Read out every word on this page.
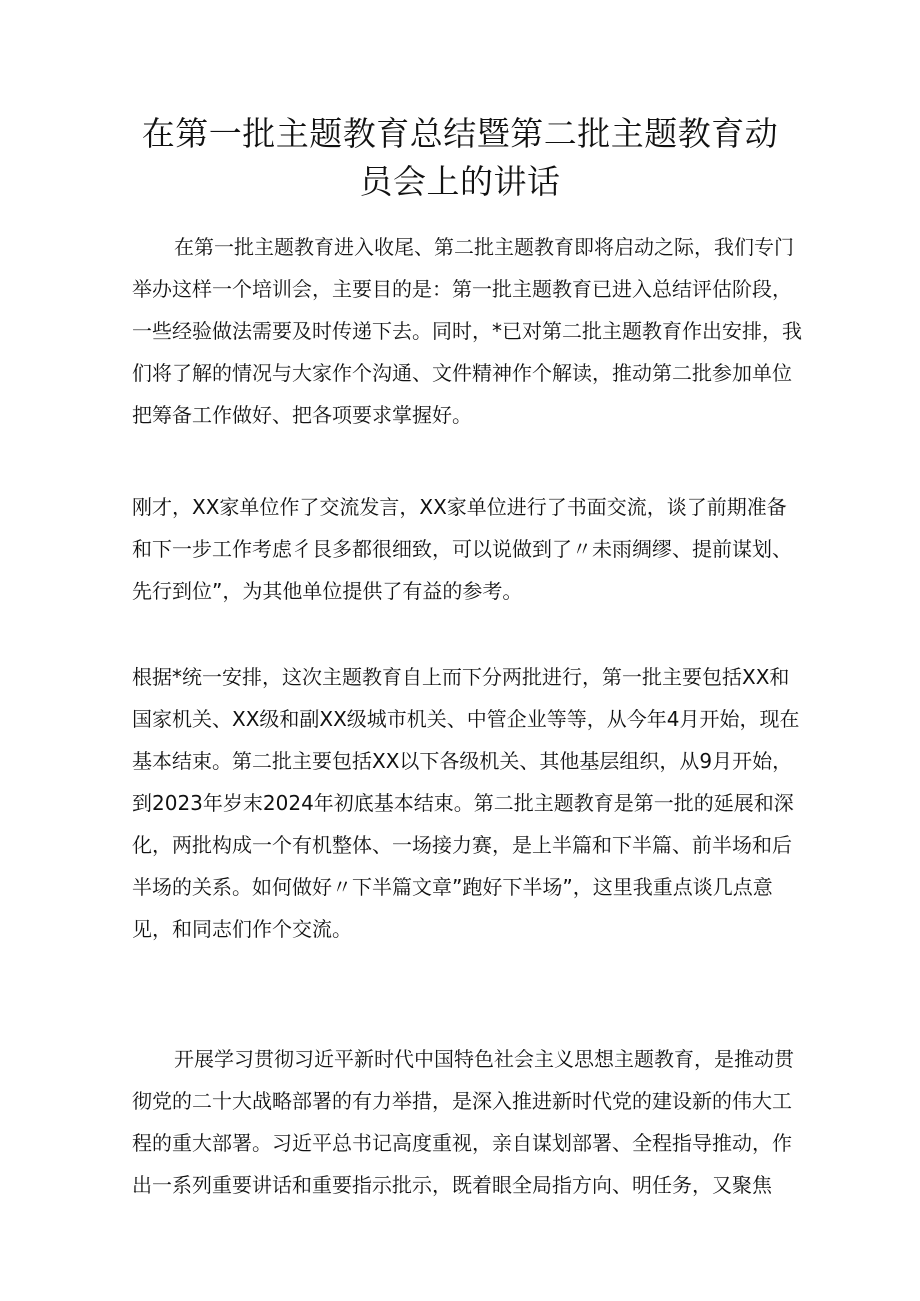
在第一批主题教育总结暨第二批主题教育动
员会上的讲话

在第一批主题教育进入收尾、第二批主题教育即将启动之际，我们专门举办这样一个培训会，主要目的是：第一批主题教育已进入总结评估阶段，一些经验做法需要及时传递下去。同时，*已对第二批主题教育作出安排，我们将了解的情况与大家作个沟通、文件精神作个解读，推动第二批参加单位把筹备工作做好、把各项要求掌握好。

刚才，XX家单位作了交流发言，XX家单位进行了书面交流，谈了前期准备和下一步工作考虑彳艮多都很细致，可以说做到了〃未雨绸缪、提前谋划、先行到位”，为其他单位提供了有益的参考。

根据*统一安排，这次主题教育自上而下分两批进行，第一批主要包括XX和国家机关、XX级和副XX级城市机关、中管企业等等，从今年4月开始，现在基本结束。第二批主要包括XX以下各级机关、其他基层组织，从9月开始，到2023年岁末2024年初底基本结束。第二批主题教育是第一批的延展和深化，两批构成一个有机整体、一场接力赛，是上半篇和下半篇、前半场和后半场的关系。如何做好〃下半篇文章”跑好下半场”，这里我重点谈几点意见，和同志们作个交流。

开展学习贯彻习近平新时代中国特色社会主义思想主题教育，是推动贯彻党的二十大战略部署的有力举措，是深入推进新时代党的建设新的伟大工程的重大部署。习近平总书记高度重视，亲自谋划部署、全程指导推动，作出一系列重要讲话和重要指示批示，既着眼全局指方向、明任务，又聚焦
